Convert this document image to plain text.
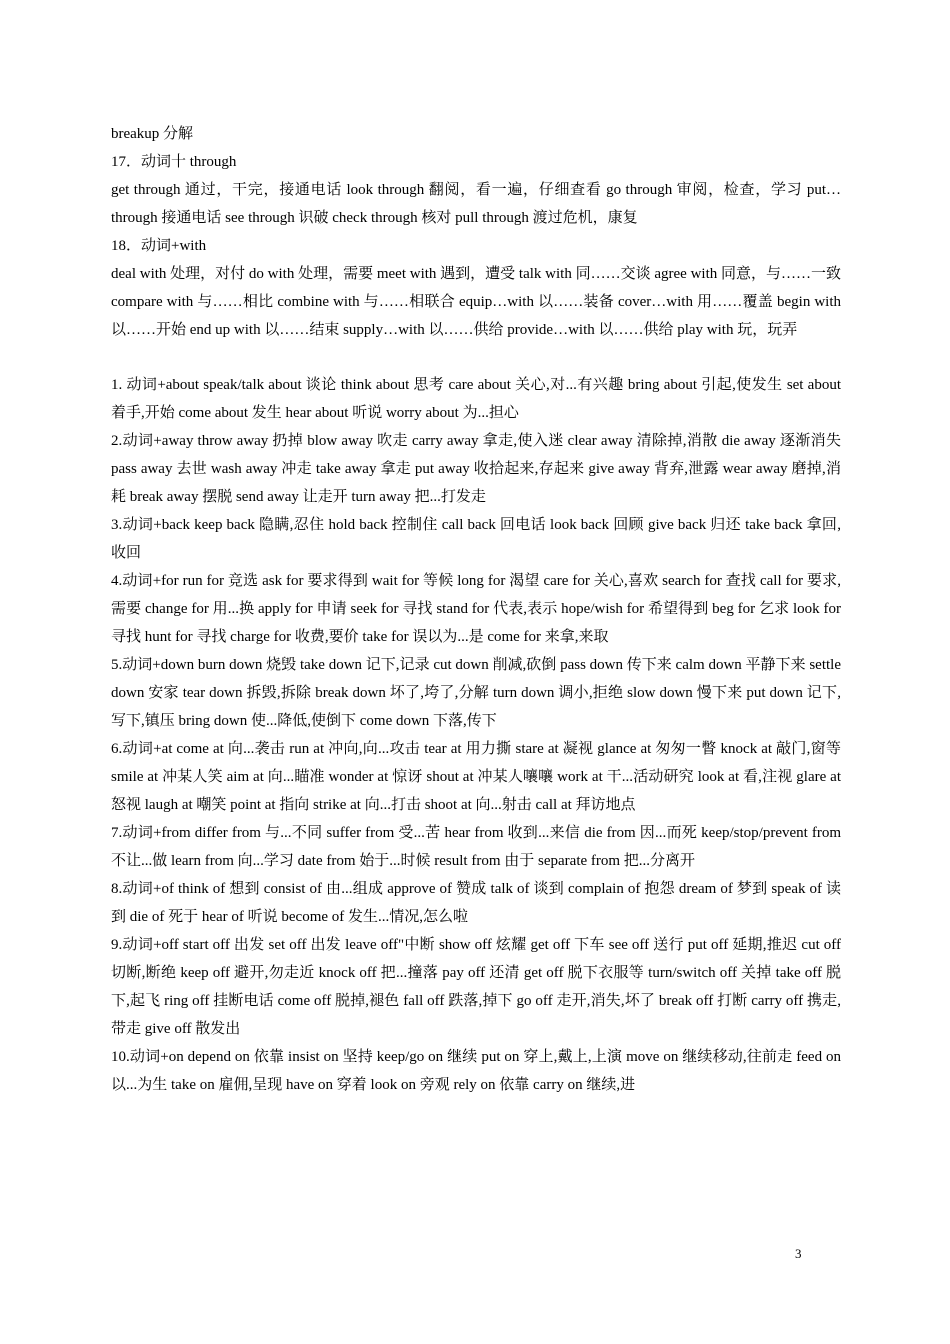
breakup 分解
17．动词十 through
get through 通过，干完，接通电话 look through 翻阅，看一遍，仔细查看 go through 审阅，检查，学习 put…through 接通电话 see through 识破 check through 核对 pull through 渡过危机，康复
18．动词+with
deal with 处理，对付 do with 处理，需要 meet with 遇到，遭受 talk with 同……交谈 agree with 同意，与……一致 compare with 与……相比 combine with 与……相联合 equip…with 以……装备 cover…with 用……覆盖 begin with 以……开始 end up with 以……结束 supply…with 以……供给 provide…with 以……供给 play with 玩，玩弄
1. 动词+about speak/talk about 谈论 think about 思考 care about 关心,对...有兴趣 bring about 引起,使发生 set about 着手,开始 come about 发生 hear about 听说 worry about 为...担心
2.动词+away throw away 扔掉 blow away 吹走 carry away 拿走,使入迷 clear away 清除掉,消散 die away 逐渐消失 pass away 去世 wash away 冲走 take away 拿走 put away 收拾起来,存起来 give away 背弃,泄露 wear away 磨掉,消耗 break away 摆脱 send away 让走开 turn away 把...打发走
3.动词+back keep back 隐瞒,忍住 hold back 控制住 call back 回电话 look back 回顾 give back 归还 take back 拿回,收回
4.动词+for run for 竞选 ask for 要求得到 wait for 等候 long for 渴望 care for 关心,喜欢 search for 查找 call for 要求,需要 change for 用...换 apply for 申请 seek for 寻找 stand for 代表,表示 hope/wish for 希望得到 beg for 乞求 look for 寻找 hunt for 寻找 charge for 收费,要价 take for 误以为...是 come for 来拿,来取
5.动词+down burn down 烧毁 take down 记下,记录 cut down 削减,砍倒 pass down 传下来 calm down 平静下来 settle down 安家 tear down 拆毁,拆除 break down 坏了,垮了,分解 turn down 调小,拒绝 slow down 慢下来 put down 记下,写下,镇压 bring down 使...降低,使倒下 come down 下落,传下
6.动词+at come at 向...袭击 run at 冲向,向...攻击 tear at 用力撕 stare at 凝视 glance at 匆匆一瞥 knock at 敲门,窗等 smile at 冲某人笑 aim at 向...瞄准 wonder at 惊讶 shout at 冲某人嚷嚷 work at 干...活动研究 look at 看,注视 glare at 怒视 laugh at 嘲笑 point at 指向 strike at 向...打击 shoot at 向...射击 call at 拜访地点
7.动词+from differ from 与...不同 suffer from 受...苦 hear from 收到...来信 die from 因...而死 keep/stop/prevent from 不让...做 learn from 向...学习 date from 始于...时候 result from 由于 separate from 把...分离开
8.动词+of think of 想到 consist of 由...组成 approve of 赞成 talk of 谈到 complain of 抱怨 dream of 梦到 speak of 读到 die of 死于 hear of 听说 become of 发生...情况,怎么啦
9.动词+off start off 出发 set off 出发 leave off"中断 show off 炫耀 get off 下车 see off 送行 put off 延期,推迟 cut off 切断,断绝 keep off 避开,勿走近 knock off 把...撞落 pay off 还清 get off 脱下衣服等 turn/switch off 关掉 take off 脱下,起飞 ring off 挂断电话 come off 脱掉,褪色 fall off 跌落,掉下 go off 走开,消失,坏了 break off 打断 carry off 携走,带走 give off 散发出
10.动词+on depend on 依靠 insist on 坚持 keep/go on 继续 put on 穿上,戴上,上演 move on 继续移动,往前走 feed on 以...为生 take on 雇佣,呈现 have on 穿着 look on 旁观 rely on 依靠 carry on 继续,进
3
